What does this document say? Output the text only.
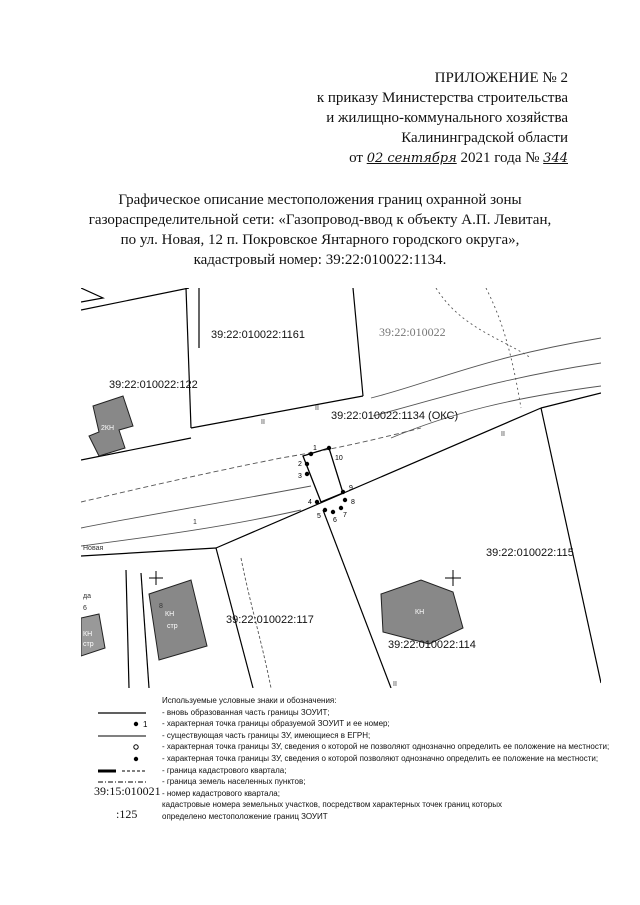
ПРИЛОЖЕНИЕ № 2
к приказу Министерства строительства
и жилищно-коммунального хозяйства
Калининградской области
от 02 сентября 2021 года № 344
Графическое описание местоположения границ охранной зоны
газораспределительной сети: «Газопровод-ввод к объекту А.П. Левитан,
по ул. Новая, 12 п. Покровское Янтарного городского округа»,
кадастровый номер: 39:22:010022:1134.
1
2
3
4
5
6
7
8
9
10
39:22:010022:1161	39:22:010022
39:22:010022:122
39:22:010022:1134 (ОКС)
39:22:010022:115
39:22:010022:117
39:22:010022:114
2КН
КН
стр
КН
КН
стр
Новая
да
II
II
II
II
1
8
6
Используемые условные знаки и обозначения:
- вновь образованная часть границы ЗОУИТ;
1 - характерная точка границы образуемой ЗОУИТ и ее номер;
- существующая часть границы ЗУ, имеющиеся в ЕГРН;
- характерная точка границы ЗУ, сведения о которой не позволяют однозначно определить ее положение на местности;
- характерная точка границы ЗУ, сведения о которой позволяют однозначно определить ее положение на местности;
- граница кадастрового квартала;
- граница земель населенных пунктов;
39:15:010021 - номер кадастрового квартала;
кадастровые номера земельных участков, посредством характерных точек границ которых
:125	определено местоположение границ ЗОУИТ
